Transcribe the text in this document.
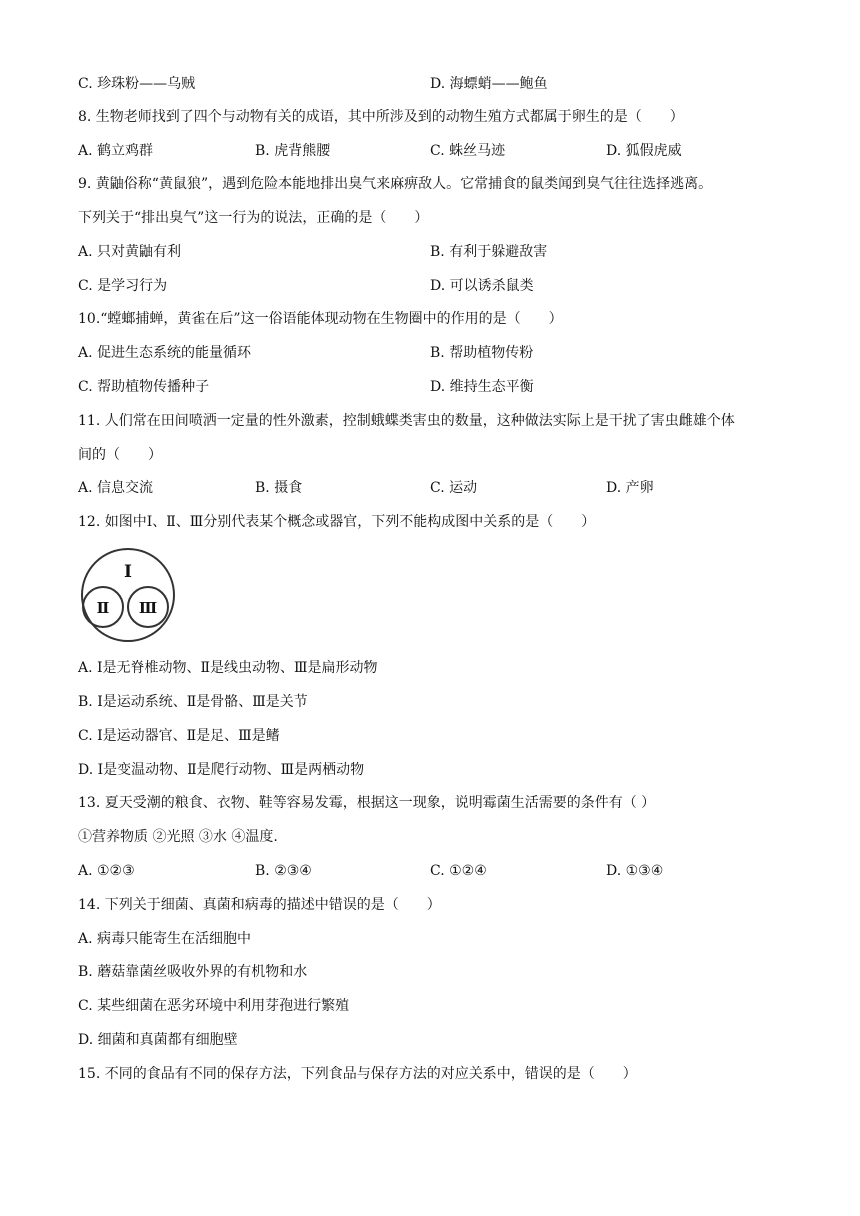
C. 珍珠粉——乌贼	D. 海螵蛸——鲍鱼
8. 生物老师找到了四个与动物有关的成语，其中所涉及到的动物生殖方式都属于卵生的是（　　）
A. 鹤立鸡群	B. 虎背熊腰	C. 蛛丝马迹	D. 狐假虎威
9. 黄鼬俗称“黄鼠狼”，遇到危险本能地排出臭气来麻痹敌人。它常捕食的鼠类闻到臭气往往选择逃离。
下列关于“排出臭气”这一行为的说法，正确的是（　　）
A. 只对黄鼬有利	B. 有利于躲避敌害
C. 是学习行为	D. 可以诱杀鼠类
10.“螳螂捕蝉，黄雀在后”这一俗语能体现动物在生物圈中的作用的是（　　）
A. 促进生态系统的能量循环	B. 帮助植物传粉
C. 帮助植物传播种子	D. 维持生态平衡
11. 人们常在田间喷洒一定量的性外激素，控制蛾蝶类害虫的数量，这种做法实际上是干扰了害虫雌雄个体
间的（　　）
A. 信息交流	B. 摄食	C. 运动	D. 产卵
12. 如图中Ⅰ、Ⅱ、Ⅲ分别代表某个概念或器官，下列不能构成图中关系的是（　　）
Ⅰ
Ⅱ Ⅲ
A. Ⅰ是无脊椎动物、Ⅱ是线虫动物、Ⅲ是扁形动物
B. Ⅰ是运动系统、Ⅱ是骨骼、Ⅲ是关节
C. Ⅰ是运动器官、Ⅱ是足、Ⅲ是鳍
D. Ⅰ是变温动物、Ⅱ是爬行动物、Ⅲ是两栖动物
13. 夏天受潮的粮食、衣物、鞋等容易发霉，根据这一现象，说明霉菌生活需要的条件有（ ）
①营养物质 ②光照 ③水 ④温度.
A. ①②③	B. ②③④	C. ①②④	D. ①③④
14. 下列关于细菌、真菌和病毒的描述中错误的是（　　）
A. 病毒只能寄生在活细胞中
B. 蘑菇靠菌丝吸收外界的有机物和水
C. 某些细菌在恶劣环境中利用芽孢进行繁殖
D. 细菌和真菌都有细胞壁
15. 不同的食品有不同的保存方法，下列食品与保存方法的对应关系中，错误的是（　　）
